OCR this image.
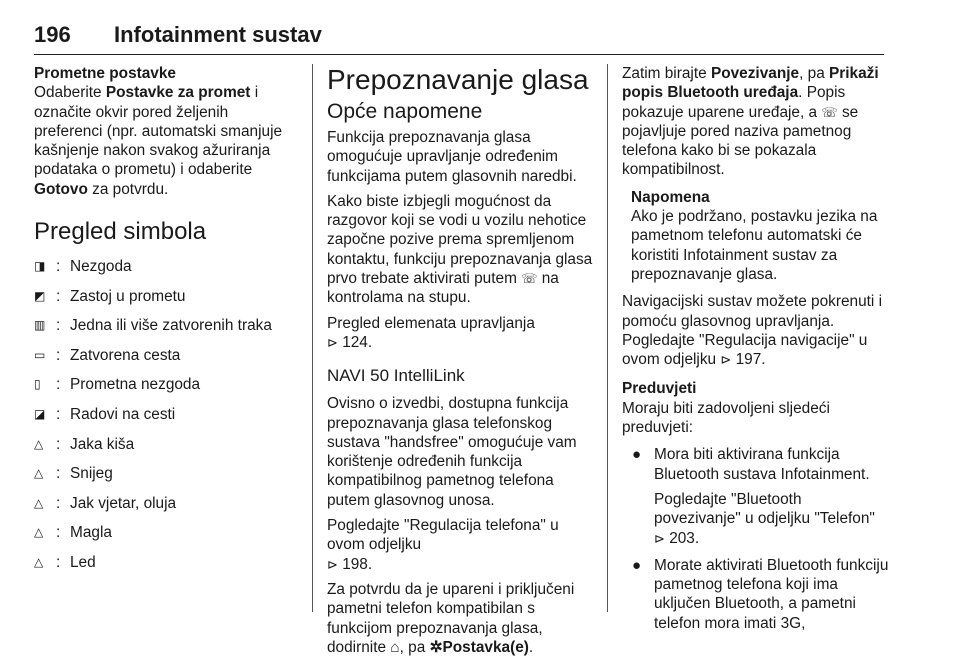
196 Infotainment sustav

Prometne postavke

Odaberite Postavke za promet i označite okvir pored željenih preferenci (npr. automatski smanjuje kašnjenje nakon svakog ažuriranja podataka o prometu) i odaberite Gotovo za potvrdu.

Pregled simbola
◨ : Nezgoda
◩ : Zastoj u prometu
▥ : Jedna ili više zatvorenih traka
▭ : Zatvorena cesta
▯ : Prometna nezgoda
◪ : Radovi na cesti
△ : Jaka kiša
△ : Snijeg
△ : Jak vjetar, oluja
△ : Magla
△ : Led
Prepoznavanje glasa
Opće napomene

Funkcija prepoznavanja glasa omogućuje upravljanje određenim funkcijama putem glasovnih naredbi.

Kako biste izbjegli mogućnost da razgovor koji se vodi u vozilu nehotice započne pozive prema spremljenom kontaktu, funkciju prepoznavanja glasa prvo trebate aktivirati putem ☏ na kontrolama na stupu.

Pregled elemenata upravljanja
⊳ 124.

NAVI 50 IntelliLink

Ovisno o izvedbi, dostupna funkcija prepoznavanja glasa telefonskog sustava "handsfree" omogućuje vam korištenje određenih funkcija kompatibilnog pametnog telefona putem glasovnog unosa.

Pogledajte "Regulacija telefona" u ovom odjeljku
⊳ 198.

Za potvrdu da je upareni i priključeni pametni telefon kompatibilan s funkcijom prepoznavanja glasa, dodirnite ⌂, pa ✲Postavka(e).

Zatim birajte Povezivanje, pa Prikaži popis Bluetooth uređaja. Popis pokazuje uparene uređaje, a ☏ se pojavljuje pored naziva pametnog telefona kako bi se pokazala kompatibilnost.

Napomena

Ako je podržano, postavku jezika na pametnom telefonu automatski će koristiti Infotainment sustav za prepoznavanje glasa.

Navigacijski sustav možete pokrenuti i pomoću glasovnog upravljanja. Pogledajte "Regulacija navigacije" u ovom odjeljku ⊳ 197.

Preduvjeti

Moraju biti zadovoljeni sljedeći preduvjeti:

● Mora biti aktivirana funkcija Bluetooth sustava Infotainment.

Pogledajte "Bluetooth povezivanje" u odjeljku "Telefon"
⊳ 203.

● Morate aktivirati Bluetooth funkciju pametnog telefona koji ima uključen Bluetooth, a pametni telefon mora imati 3G,
